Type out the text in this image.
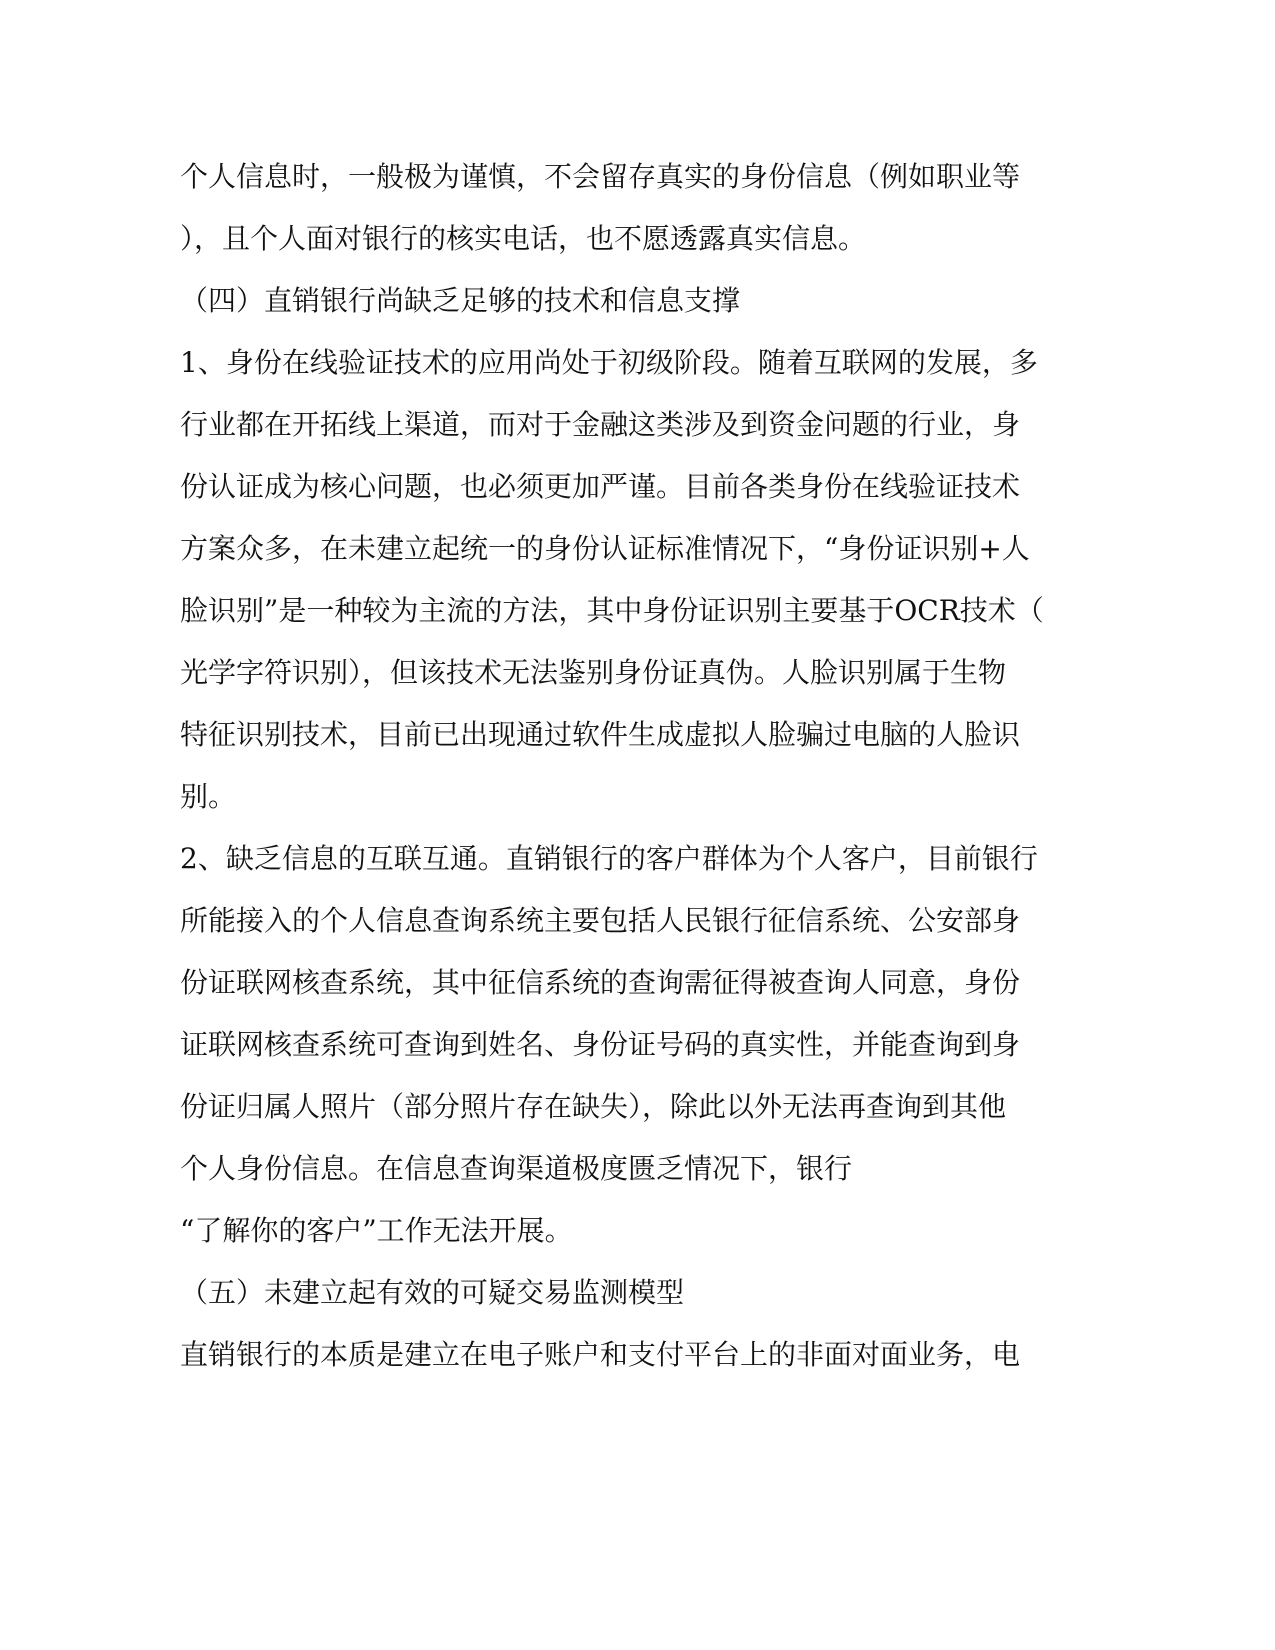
个人信息时，一般极为谨慎，不会留存真实的身份信息（例如职业等
），且个人面对银行的核实电话，也不愿透露真实信息。
（四）直销银行尚缺乏足够的技术和信息支撑
1、身份在线验证技术的应用尚处于初级阶段。随着互联网的发展，多
行业都在开拓线上渠道，而对于金融这类涉及到资金问题的行业，身
份认证成为核心问题，也必须更加严谨。目前各类身份在线验证技术
方案众多，在未建立起统一的身份认证标准情况下，“身份证识别+人
脸识别”是一种较为主流的方法，其中身份证识别主要基于OCR技术（
光学字符识别），但该技术无法鉴别身份证真伪。人脸识别属于生物
特征识别技术，目前已出现通过软件生成虚拟人脸骗过电脑的人脸识
别。
2、缺乏信息的互联互通。直销银行的客户群体为个人客户，目前银行
所能接入的个人信息查询系统主要包括人民银行征信系统、公安部身
份证联网核查系统，其中征信系统的查询需征得被查询人同意，身份
证联网核查系统可查询到姓名、身份证号码的真实性，并能查询到身
份证归属人照片（部分照片存在缺失），除此以外无法再查询到其他
个人身份信息。在信息查询渠道极度匮乏情况下，银行
“了解你的客户”工作无法开展。
（五）未建立起有效的可疑交易监测模型
直销银行的本质是建立在电子账户和支付平台上的非面对面业务，电
